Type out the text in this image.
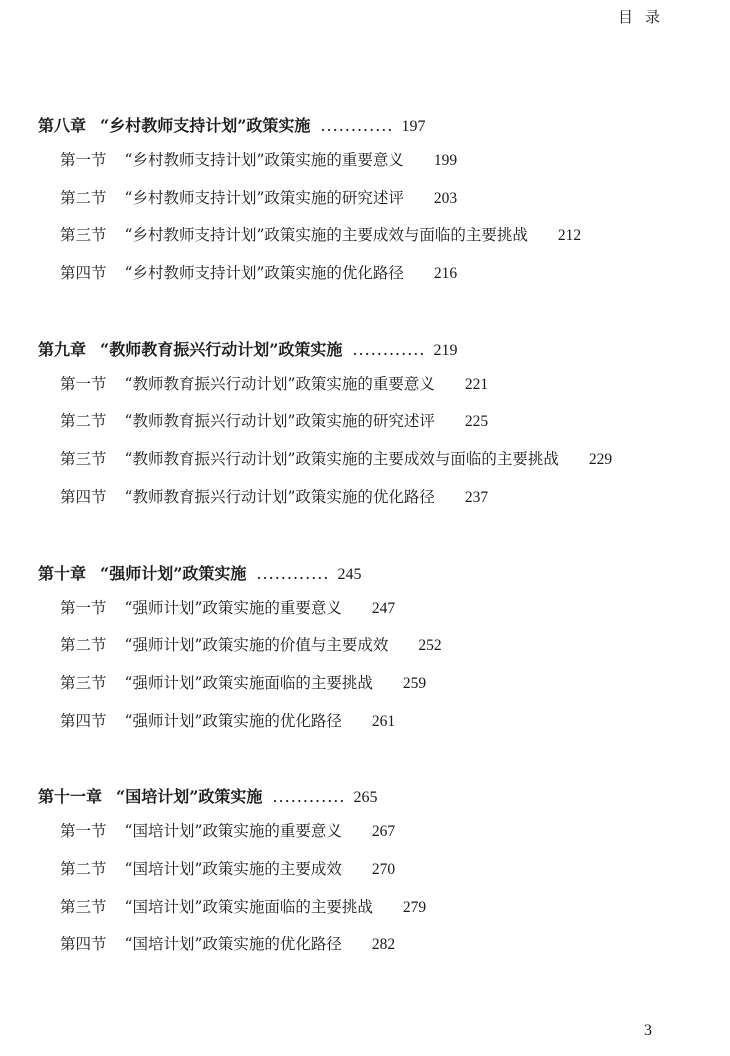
目录
第八章 “乡村教师支持计划”政策实施 ............ 197
第一节 “乡村教师支持计划”政策实施的重要意义 199
第二节 “乡村教师支持计划”政策实施的研究述评 203
第三节 “乡村教师支持计划”政策实施的主要成效与面临的主要挑战 212
第四节 “乡村教师支持计划”政策实施的优化路径 216
第九章 “教师教育振兴行动计划”政策实施 ............ 219
第一节 “教师教育振兴行动计划”政策实施的重要意义 221
第二节 “教师教育振兴行动计划”政策实施的研究述评 225
第三节 “教师教育振兴行动计划”政策实施的主要成效与面临的主要挑战 229
第四节 “教师教育振兴行动计划”政策实施的优化路径 237
第十章 “强师计划”政策实施 ............ 245
第一节 “强师计划”政策实施的重要意义 247
第二节 “强师计划”政策实施的价值与主要成效 252
第三节 “强师计划”政策实施面临的主要挑战 259
第四节 “强师计划”政策实施的优化路径 261
第十一章 “国培计划”政策实施 ............ 265
第一节 “国培计划”政策实施的重要意义 267
第二节 “国培计划”政策实施的主要成效 270
第三节 “国培计划”政策实施面临的主要挑战 279
第四节 “国培计划”政策实施的优化路径 282
3
